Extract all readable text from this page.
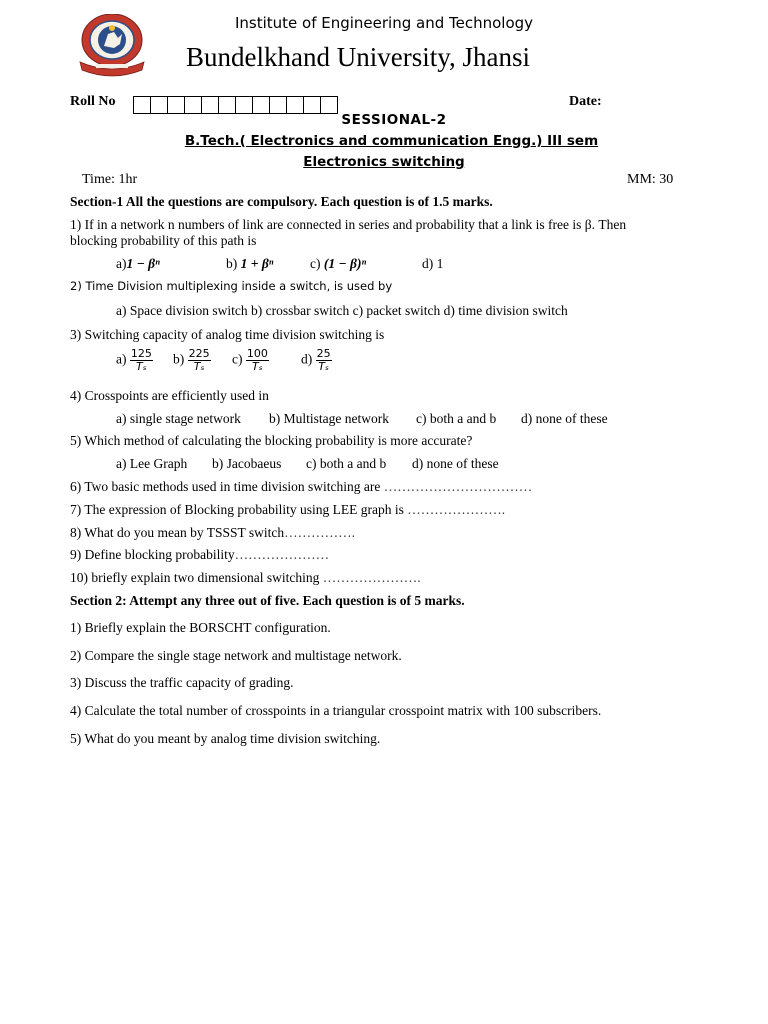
Institute of Engineering and Technology
Bundelkhand University, Jhansi
Roll No	Date:
SESSIONAL-2
B.Tech.( Electronics and communication Engg.) III sem
Electronics switching
Time: 1hr	MM: 30
Section-1 All the questions are compulsory. Each question is of 1.5 marks.
1) If in a network n numbers of link are connected in series and probability that a link is free is β. Then
blocking probability of this path is
a)1 − βⁿ	b) 1 + βⁿ	c) (1 − β)ⁿ	d) 1
2) Time Division multiplexing inside a switch, is used by
a) Space division switch b) crossbar switch c) packet switch d) time division switch
3) Switching capacity of analog time division switching is
$a) \frac{125}{\text{Tₛ}} b) \frac{225}{\text{Tₛ}} c) \frac{100}{\text{Tₛ}} d) \frac{25}{\text{Tₛ}}$
4) Crosspoints are efficiently used in
a) single stage network b) Multistage network c) both a and b d) none of these
5) Which method of calculating the blocking probability is more accurate?
a) Lee Graph b) Jacobaeus c) both a and b d) none of these
6) Two basic methods used in time division switching are ……………………………
7) The expression of Blocking probability using LEE graph is ………………….
8) What do you mean by TSSST switch…………….
9) Define blocking probability…………………
10) briefly explain two dimensional switching ………………….
Section 2: Attempt any three out of five. Each question is of 5 marks.
1) Briefly explain the BORSCHT configuration.
2) Compare the single stage network and multistage network.
3) Discuss the traffic capacity of grading.
4) Calculate the total number of crosspoints in a triangular crosspoint matrix with 100 subscribers.
5) What do you meant by analog time division switching.
